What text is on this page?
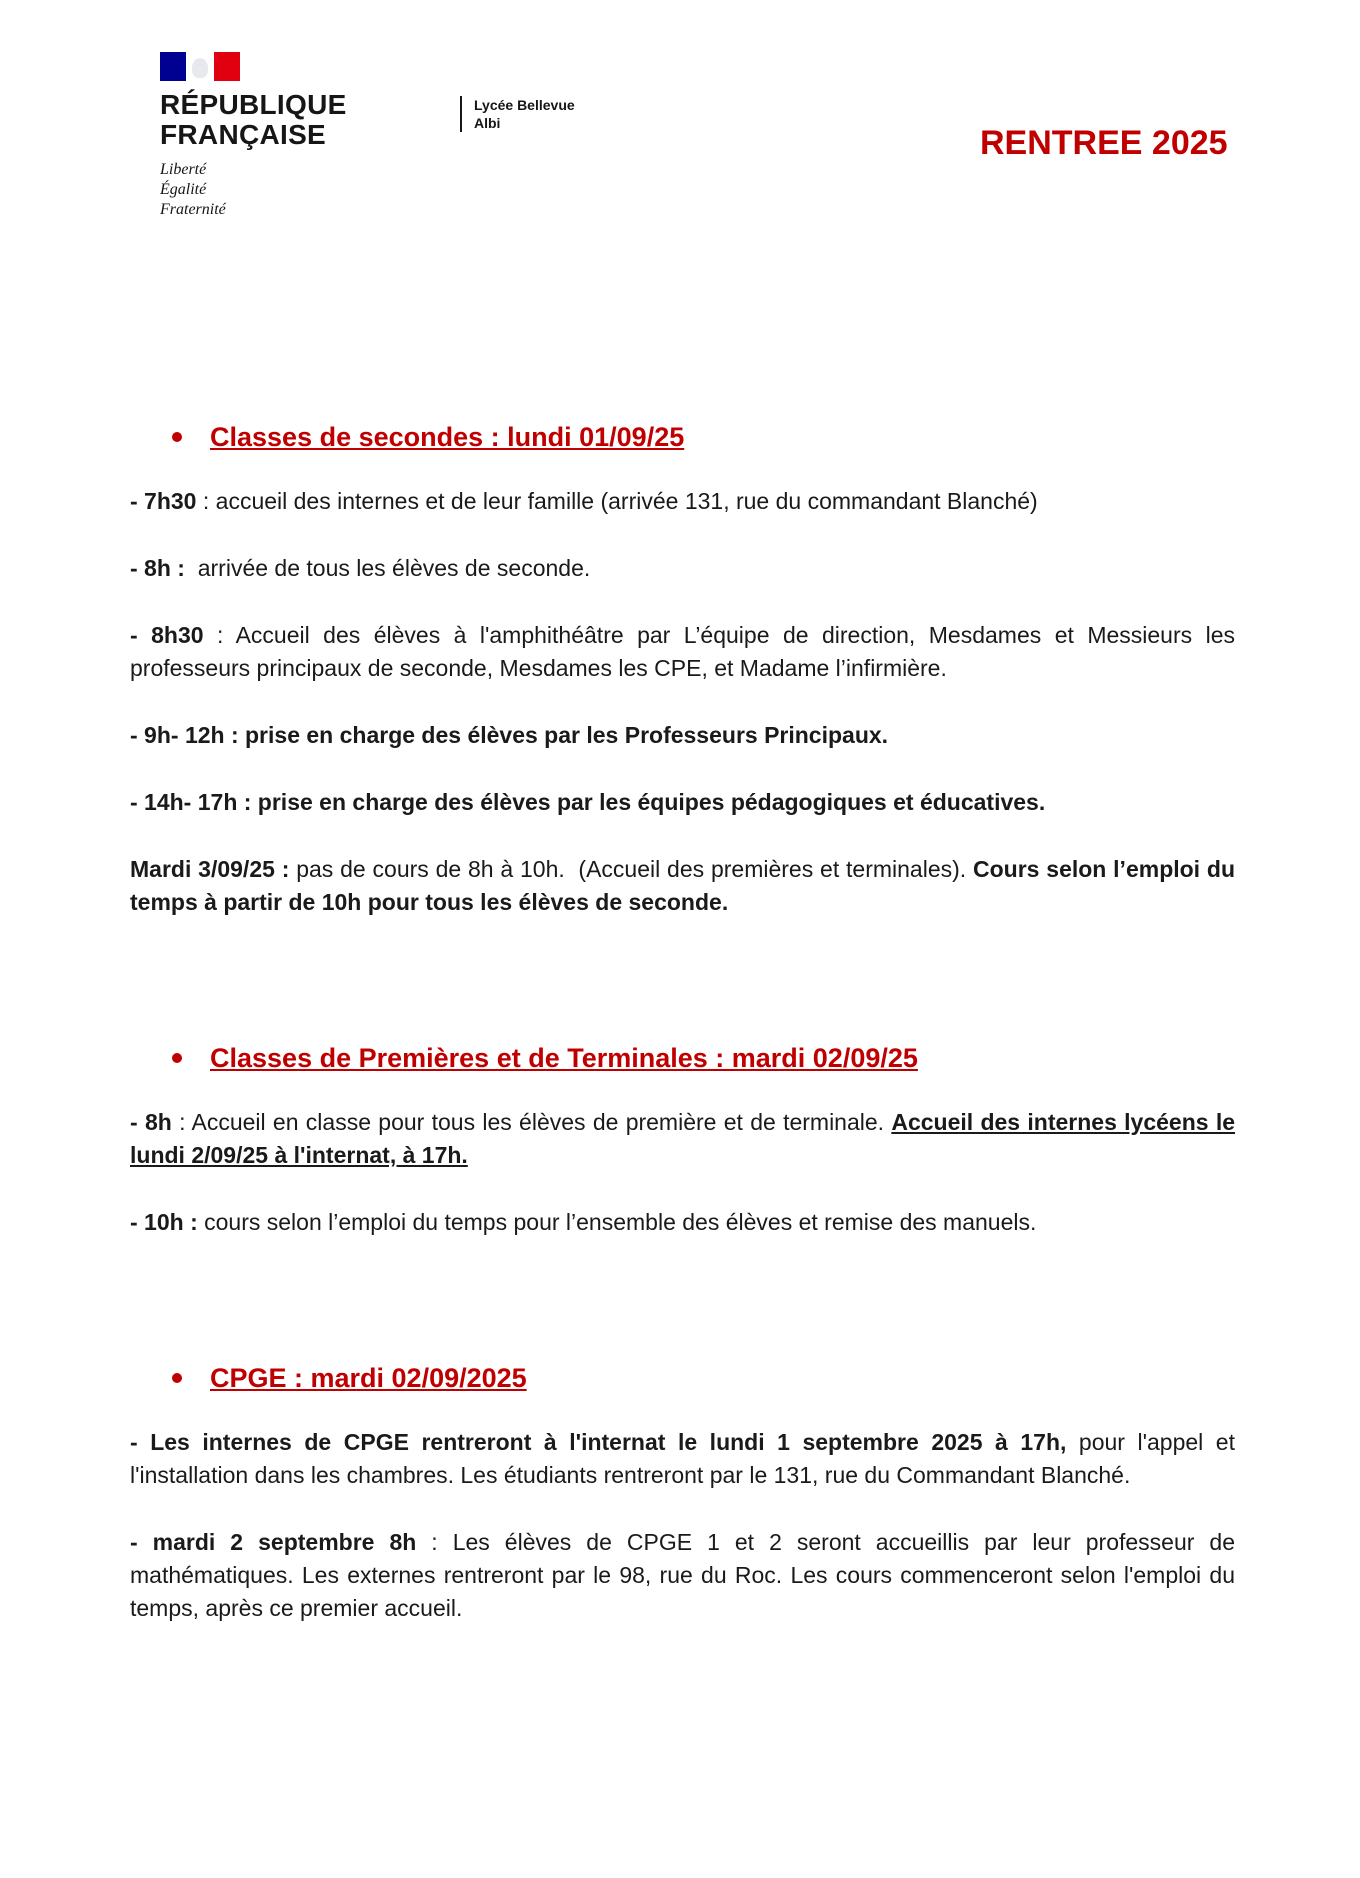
RÉPUBLIQUE
FRANÇAISE
Liberté
Égalité
Fraternité
Lycée Bellevue
Albi
RENTREE 2025
Classes de secondes : lundi 01/09/25

- 7h30 : accueil des internes et de leur famille (arrivée 131, rue du commandant Blanché)

- 8h :  arrivée de tous les élèves de seconde.

- 8h30 : Accueil des élèves à l'amphithéâtre par L’équipe de direction, Mesdames et Messieurs les professeurs principaux de seconde, Mesdames les CPE, et Madame l’infirmière.

- 9h- 12h : prise en charge des élèves par les Professeurs Principaux.

- 14h- 17h : prise en charge des élèves par les équipes pédagogiques et éducatives.

Mardi 3/09/25 : pas de cours de 8h à 10h.  (Accueil des premières et terminales). Cours selon l’emploi du temps à partir de 10h pour tous les élèves de seconde.

Classes de Premières et de Terminales : mardi 02/09/25

- 8h : Accueil en classe pour tous les élèves de première et de terminale. Accueil des internes lycéens le lundi 2/09/25 à l'internat, à 17h.

- 10h : cours selon l’emploi du temps pour l’ensemble des élèves et remise des manuels.

CPGE : mardi 02/09/2025

- Les internes de CPGE rentreront à l'internat le lundi 1 septembre 2025 à 17h, pour l'appel et l'installation dans les chambres. Les étudiants rentreront par le 131, rue du Commandant Blanché.

- mardi 2 septembre 8h : Les élèves de CPGE 1 et 2 seront accueillis par leur professeur de mathématiques. Les externes rentreront par le 98, rue du Roc. Les cours commenceront selon l'emploi du temps, après ce premier accueil.
